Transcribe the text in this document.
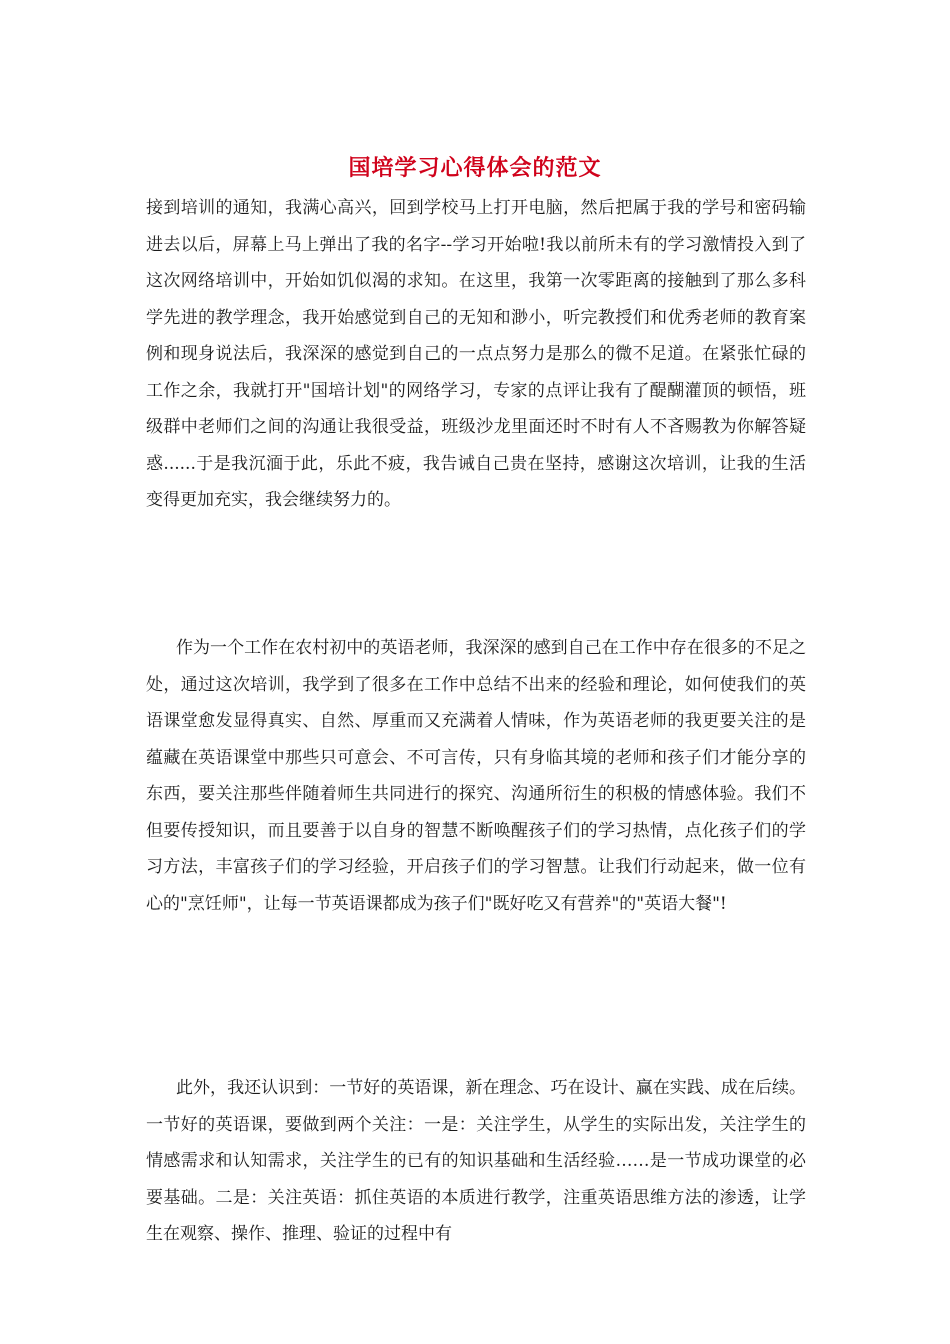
国培学习心得体会的范文

接到培训的通知，我满心高兴，回到学校马上打开电脑，然后把属于我的学号和密码输进去以后，屏幕上马上弹出了我的名字--学习开始啦!我以前所未有的学习激情投入到了这次网络培训中，开始如饥似渴的求知。在这里，我第一次零距离的接触到了那么多科学先进的教学理念，我开始感觉到自己的无知和渺小，听完教授们和优秀老师的教育案例和现身说法后，我深深的感觉到自己的一点点努力是那么的微不足道。在紧张忙碌的工作之余，我就打开"国培计划"的网络学习，专家的点评让我有了醍醐灌顶的顿悟，班级群中老师们之间的沟通让我很受益，班级沙龙里面还时不时有人不吝赐教为你解答疑惑......于是我沉湎于此，乐此不疲，我告诫自己贵在坚持，感谢这次培训，让我的生活变得更加充实，我会继续努力的。

作为一个工作在农村初中的英语老师，我深深的感到自己在工作中存在很多的不足之处，通过这次培训，我学到了很多在工作中总结不出来的经验和理论，如何使我们的英语课堂愈发显得真实、自然、厚重而又充满着人情味，作为英语老师的我更要关注的是蕴藏在英语课堂中那些只可意会、不可言传，只有身临其境的老师和孩子们才能分享的东西，要关注那些伴随着师生共同进行的探究、沟通所衍生的积极的情感体验。我们不但要传授知识，而且要善于以自身的智慧不断唤醒孩子们的学习热情，点化孩子们的学习方法，丰富孩子们的学习经验，开启孩子们的学习智慧。让我们行动起来，做一位有心的"烹饪师"，让每一节英语课都成为孩子们"既好吃又有营养"的"英语大餐"!

此外，我还认识到：一节好的英语课，新在理念、巧在设计、赢在实践、成在后续。一节好的英语课，要做到两个关注：一是：关注学生，从学生的实际出发，关注学生的情感需求和认知需求，关注学生的已有的知识基础和生活经验……是一节成功课堂的必要基础。二是：关注英语：抓住英语的本质进行教学，注重英语思维方法的渗透，让学生在观察、操作、推理、验证的过程中有
